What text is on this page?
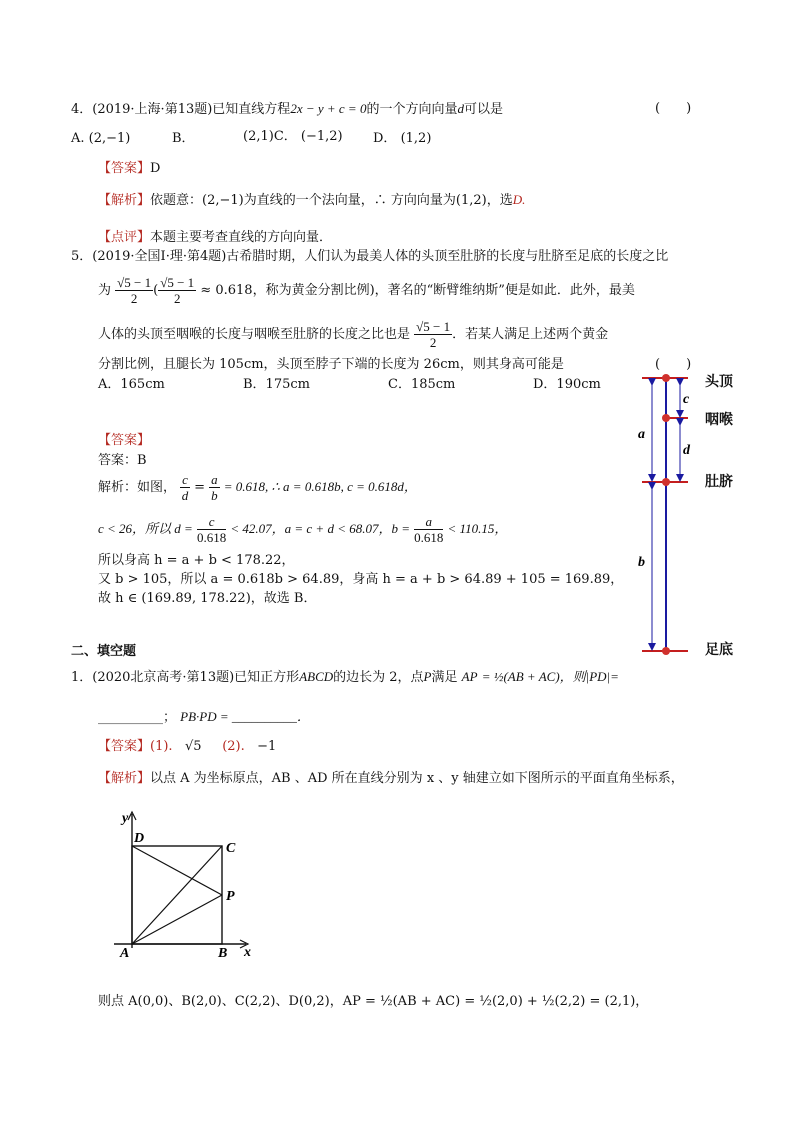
4．(2019·上海·第13题)已知直线方程2x − y + c = 0的一个方向向量d可以是	(　　)
A. (2,−1)	B．	(2,1)C． (−1,2) D． (1,2)
【答案】D
【解析】依题意：(2,−1)为直线的一个法向量，∴ 方向向量为(1,2)，选D.
【点评】本题主要考查直线的方向向量．
5．(2019·全国Ⅰ·理·第4题)古希腊时期，人们认为最美人体的头顶至肚脐的长度与肚脐至足底的长度之比
为 $\frac{√5 - 1}{2}$ ( $\frac{√5 - 1}{2} \approx 0.618$，称为黄金分割比例)，著名的“断臂维纳斯”便是如此．此外，最美
人体的头顶至咽喉的长度与咽喉至肚脐的长度之比也是 $\frac{√5 - 1}{2}$ ．若某人满足上述两个黄金
分割比例，且腿长为 105cm，头顶至脖子下端的长度为 26cm，则其身高可能是	(　　)
A．165cm	B．175cm	C．185cm	D．190cm
【答案】
答案：B
解析：如图， $\frac{c}{d} = \frac{a}{b} = 0.618$, ∴ a = 0.618b, c = 0.618d，
c < 26，所以 $d = \frac{c}{0.618} < 42.07$，a = c + d < 68.07，$b = \frac{a}{0.618} < 110.15$，
所以身高 h = a + b < 178.22，
又 b > 105，所以 a = 0.618b > 64.89，身高 h = a + b > 64.89 + 105 = 169.89，
故 h ∈ (169.89, 178.22)，故选 B．
a
b
c
d
头顶
咽喉
肚脐
足底
二、填空题
1．(2020北京高考·第13题)已知正方形ABCD的边长为 2，点P满足 AP = ½(AB + AC)，则|PD|=
__________； PB·PD = __________．
【答案】(1). √5 (2). −1
【解析】以点 A 为坐标原点，AB 、AD 所在直线分别为 x 、y 轴建立如下图所示的平面直角坐标系，
D
C
P
A	B x
y
则点 A(0,0)、B(2,0)、C(2,2)、D(0,2)，AP = ½(AB + AC) = ½(2,0) + ½(2,2) = (2,1)，
